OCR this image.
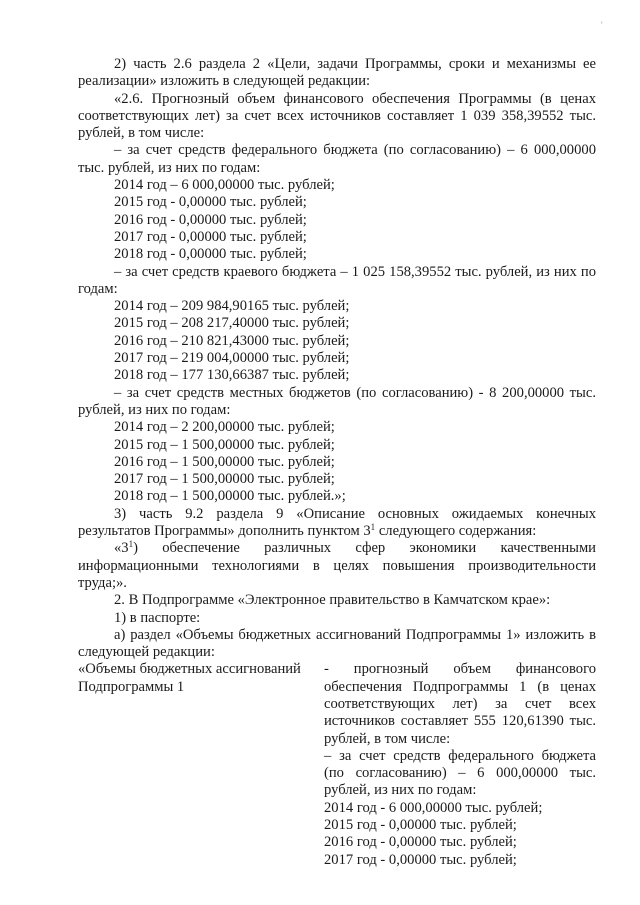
'

2) часть 2.6 раздела 2 «Цели, задачи Программы, сроки и механизмы ее реализации» изложить в следующей редакции:

«2.6. Прогнозный объем финансового обеспечения Программы (в ценах соответствующих лет) за счет всех источников составляет 1 039 358,39552 тыс. рублей, в том числе:

– за счет средств федерального бюджета (по согласованию) – 6 000,00000 тыс. рублей, из них по годам:

2014 год – 6 000,00000 тыс. рублей;

2015 год - 0,00000 тыс. рублей;

2016 год - 0,00000 тыс. рублей;

2017 год - 0,00000 тыс. рублей;

2018 год - 0,00000 тыс. рублей;

– за счет средств краевого бюджета – 1 025 158,39552 тыс. рублей, из них по годам:

2014 год – 209 984,90165 тыс. рублей;

2015 год – 208 217,40000 тыс. рублей;

2016 год – 210 821,43000 тыс. рублей;

2017 год – 219 004,00000 тыс. рублей;

2018 год – 177 130,66387 тыс. рублей;

– за счет средств местных бюджетов (по согласованию) - 8 200,00000 тыс. рублей, из них по годам:

2014 год – 2 200,00000 тыс. рублей;

2015 год – 1 500,00000 тыс. рублей;

2016 год – 1 500,00000 тыс. рублей;

2017 год – 1 500,00000 тыс. рублей;

2018 год – 1 500,00000 тыс. рублей.»;

3) часть 9.2 раздела 9 «Описание основных ожидаемых конечных результатов Программы» дополнить пунктом $3^1$ следующего содержания:

«$3^1$) обеспечение различных сфер экономики качественными информационными технологиями в целях повышения производительности труда;».

2. В Подпрограмме «Электронное правительство в Камчатском крае»:

1) в паспорте:

а) раздел «Объемы бюджетных ассигнований Подпрограммы 1» изложить в следующей редакции:

«Объемы бюджетных ассигнований Подпрограммы 1

- прогнозный объем финансового обеспечения Подпрограммы 1 (в ценах соответствующих лет) за счет всех источников составляет 555 120,61390 тыс. рублей, в том числе:

– за счет средств федерального бюджета (по согласованию) – 6 000,00000 тыс. рублей, из них по годам:

2014 год - 6 000,00000 тыс. рублей;

2015 год - 0,00000 тыс. рублей;

2016 год - 0,00000 тыс. рублей;

2017 год - 0,00000 тыс. рублей;
